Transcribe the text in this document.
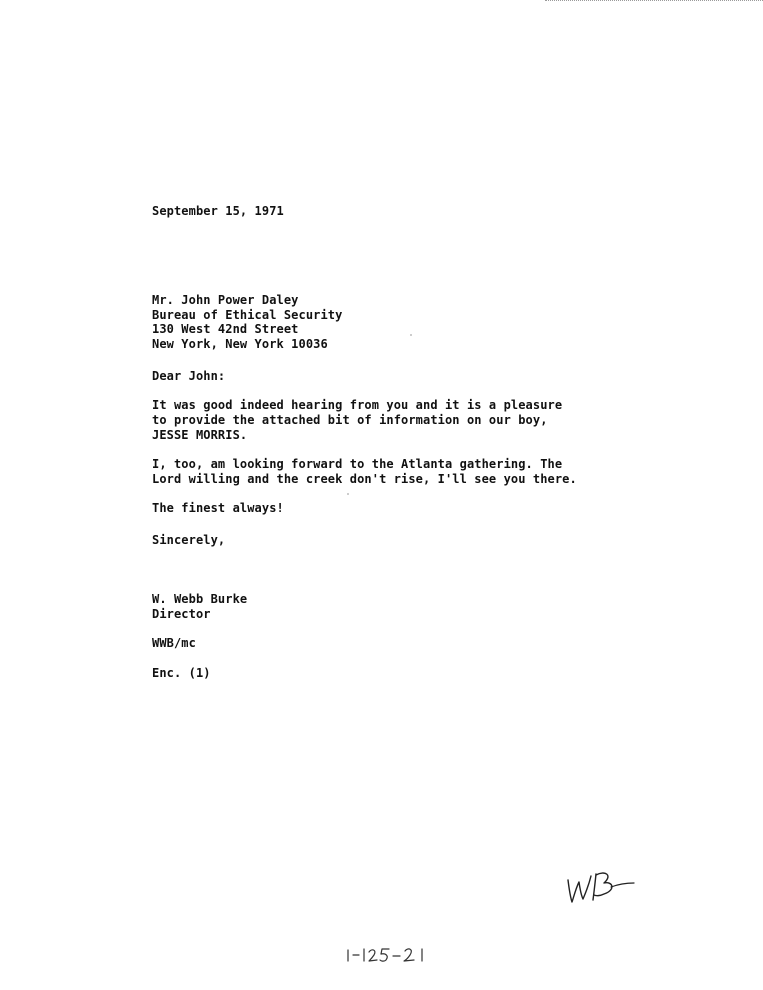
September 15, 1971
Mr. John Power Daley
Bureau of Ethical Security
130 West 42nd Street
New York, New York 10036
Dear John:
It was good indeed hearing from you and it is a pleasure
to provide the attached bit of information on our boy,
JESSE MORRIS.
I, too, am looking forward to the Atlanta gathering. The
Lord willing and the creek don't rise, I'll see you there.
The finest always!
Sincerely,
W. Webb Burke
Director
WWB/mc
Enc. (1)
